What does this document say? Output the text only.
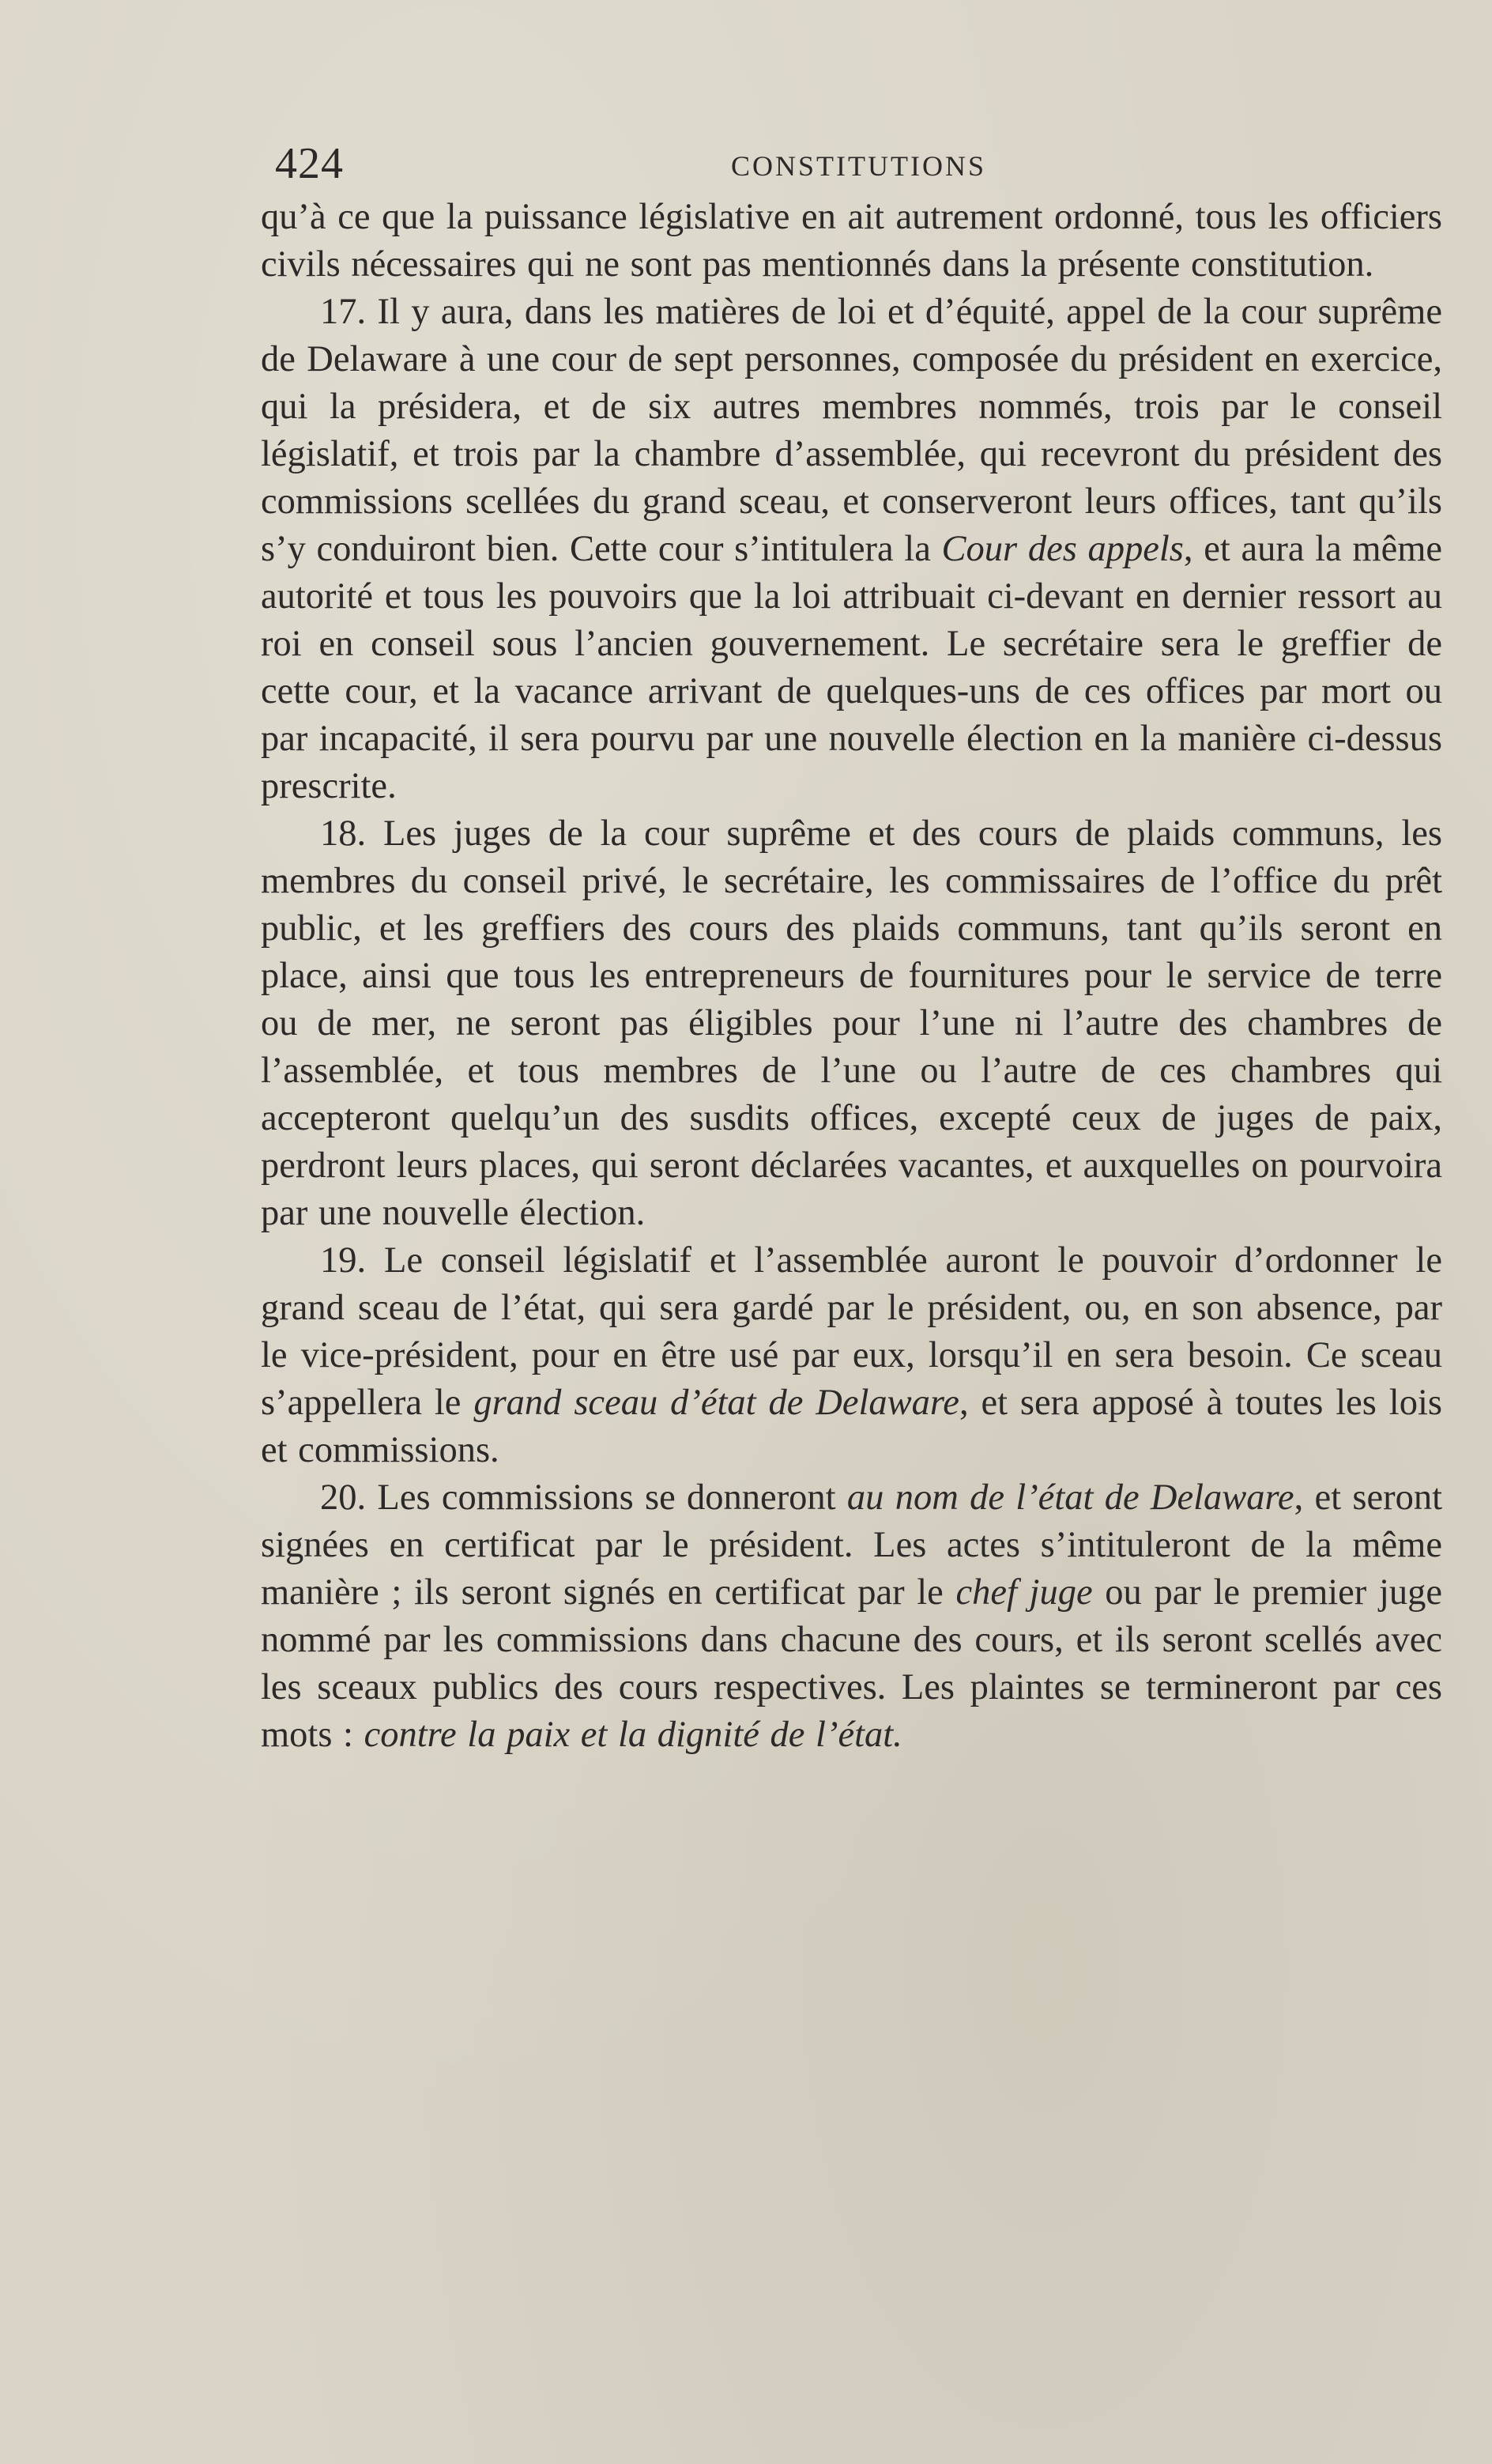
424	CONSTITUTIONS

qu’à ce que la puissance législative en ait autrement ordonné, tous les officiers civils nécessaires qui ne sont pas mentionnés dans la présente constitution.

17. Il y aura, dans les matières de loi et d’équité, appel de la cour suprême de Delaware à une cour de sept personnes, composée du président en exercice, qui la présidera, et de six autres membres nommés, trois par le conseil législatif, et trois par la chambre d’assemblée, qui recevront du président des commissions scellées du grand sceau, et conserveront leurs offices, tant qu’ils s’y conduiront bien. Cette cour s’intitulera la Cour des appels, et aura la même autorité et tous les pouvoirs que la loi attribuait ci-devant en dernier ressort au roi en conseil sous l’ancien gouvernement. Le secrétaire sera le greffier de cette cour, et la vacance arrivant de quelques-uns de ces offices par mort ou par incapacité, il sera pourvu par une nouvelle élection en la manière ci-dessus prescrite.

18. Les juges de la cour suprême et des cours de plaids communs, les membres du conseil privé, le secrétaire, les commissaires de l’office du prêt public, et les greffiers des cours des plaids communs, tant qu’ils seront en place, ainsi que tous les entrepreneurs de fournitures pour le service de terre ou de mer, ne seront pas éligibles pour l’une ni l’autre des chambres de l’assemblée, et tous membres de l’une ou l’autre de ces chambres qui accepteront quelqu’un des susdits offices, excepté ceux de juges de paix, perdront leurs places, qui seront déclarées vacantes, et auxquelles on pourvoira par une nouvelle élection.

19. Le conseil législatif et l’assemblée auront le pouvoir d’ordonner le grand sceau de l’état, qui sera gardé par le président, ou, en son absence, par le vice-président, pour en être usé par eux, lorsqu’il en sera besoin. Ce sceau s’appellera le grand sceau d’état de Delaware, et sera apposé à toutes les lois et commissions.

20. Les commissions se donneront au nom de l’état de Delaware, et seront signées en certificat par le président. Les actes s’intituleront de la même manière ; ils seront signés en certificat par le chef juge ou par le premier juge nommé par les commissions dans chacune des cours, et ils seront scellés avec les sceaux publics des cours respectives. Les plaintes se termineront par ces mots : contre la paix et la dignité de l’état.
